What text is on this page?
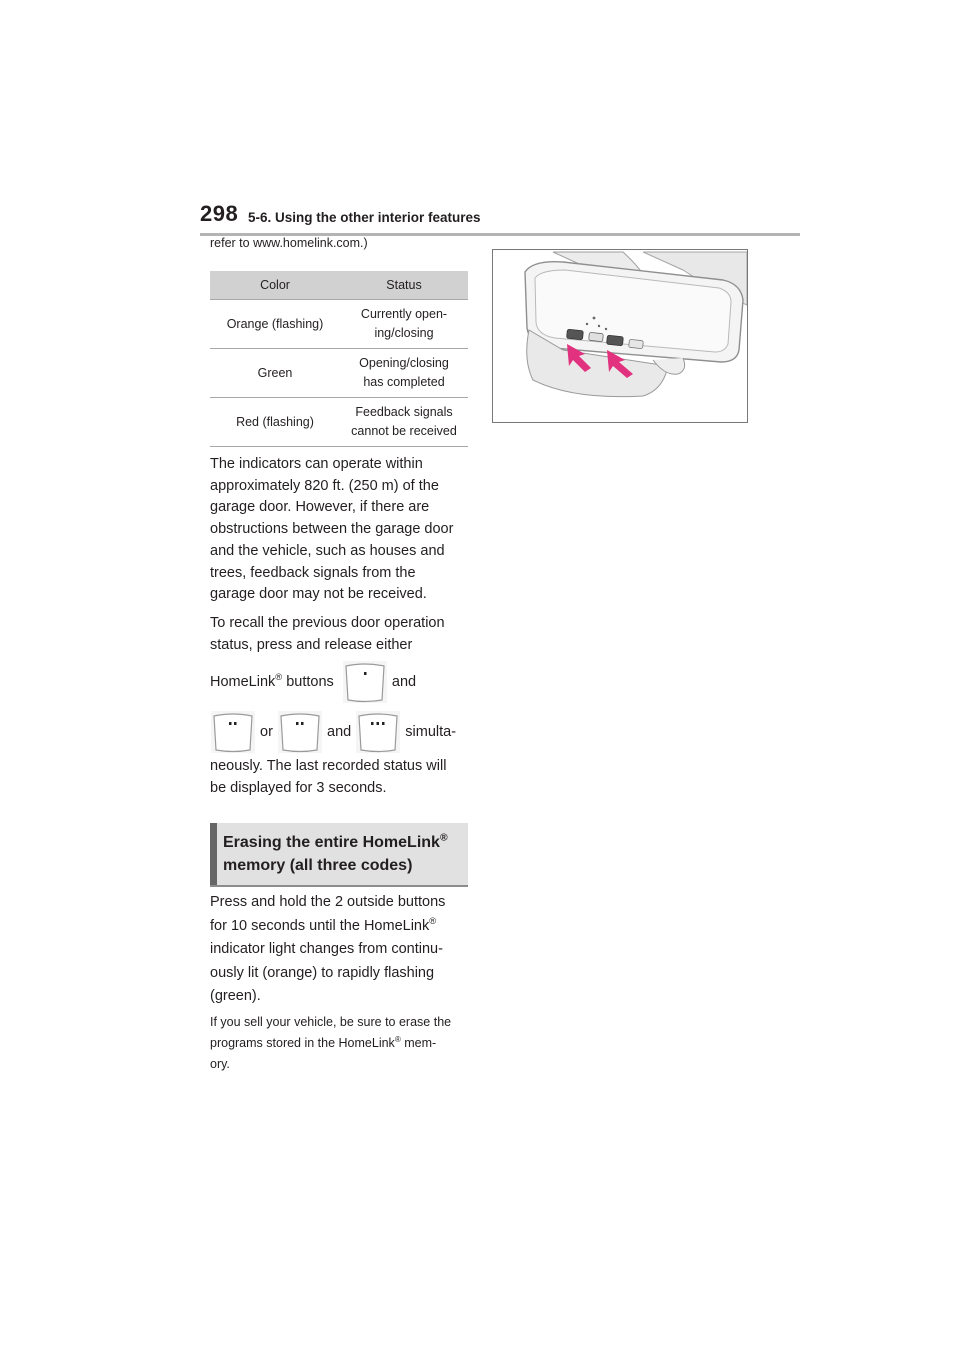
298 5-6. Using the other interior features
refer to www.homelink.com.)
Color	Status
Orange (flashing)	Currently open-
ing/closing
Green	Opening/closing
has completed
Red (flashing)	Feedback signals
cannot be received
The indicators can operate within
approximately 820 ft. (250 m) of the
garage door. However, if there are
obstructions between the garage door
and the vehicle, such as houses and
trees, feedback signals from the
garage door may not be received.
To recall the previous door operation
status, press and release either
HomeLink® buttons	and
or	and	simulta-
neously. The last recorded status will
be displayed for 3 seconds.
Erasing the entire HomeLink®
memory (all three codes)
Press and hold the 2 outside buttons
for 10 seconds until the HomeLink®
indicator light changes from continu-
ously lit (orange) to rapidly flashing
(green).
If you sell your vehicle, be sure to erase the
programs stored in the HomeLink® mem-
ory.
